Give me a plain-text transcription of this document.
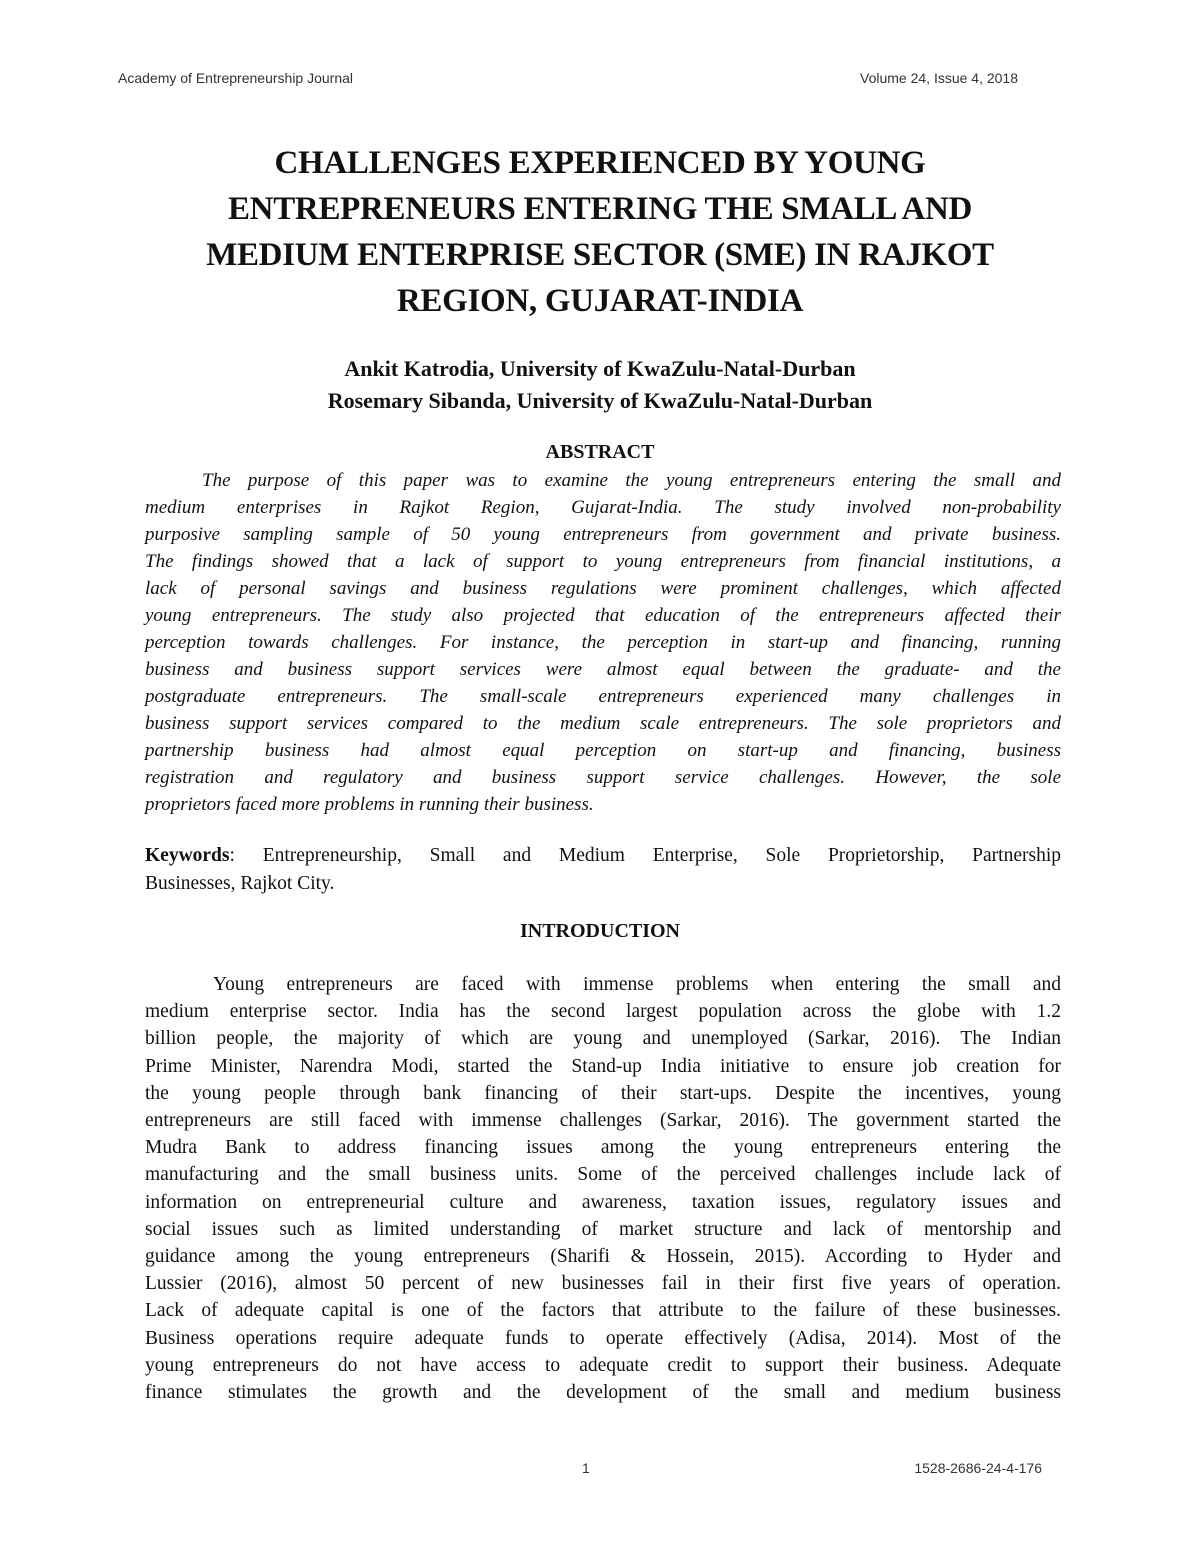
Academy of Entrepreneurship Journal	Volume 24, Issue 4, 2018
CHALLENGES EXPERIENCED BY YOUNG
ENTREPRENEURS ENTERING THE SMALL AND
MEDIUM ENTERPRISE SECTOR (SME) IN RAJKOT
REGION, GUJARAT-INDIA
Ankit Katrodia, University of KwaZulu-Natal-Durban
Rosemary Sibanda, University of KwaZulu-Natal-Durban
ABSTRACT
The purpose of this paper was to examine the young entrepreneurs entering the small and
medium enterprises in Rajkot Region, Gujarat-India. The study involved non-probability
purposive sampling sample of 50 young entrepreneurs from government and private business.
The findings showed that a lack of support to young entrepreneurs from financial institutions, a
lack of personal savings and business regulations were prominent challenges, which affected
young entrepreneurs. The study also projected that education of the entrepreneurs affected their
perception towards challenges. For instance, the perception in start-up and financing, running
business and business support services were almost equal between the graduate- and the
postgraduate entrepreneurs. The small-scale entrepreneurs experienced many challenges in
business support services compared to the medium scale entrepreneurs. The sole proprietors and
partnership business had almost equal perception on start-up and financing, business
registration and regulatory and business support service challenges. However, the sole
proprietors faced more problems in running their business.
Keywords: Entrepreneurship, Small and Medium Enterprise, Sole Proprietorship, Partnership
Businesses, Rajkot City.
INTRODUCTION
Young entrepreneurs are faced with immense problems when entering the small and
medium enterprise sector. India has the second largest population across the globe with 1.2
billion people, the majority of which are young and unemployed (Sarkar, 2016). The Indian
Prime Minister, Narendra Modi, started the Stand-up India initiative to ensure job creation for
the young people through bank financing of their start-ups. Despite the incentives, young
entrepreneurs are still faced with immense challenges (Sarkar, 2016). The government started the
Mudra Bank to address financing issues among the young entrepreneurs entering the
manufacturing and the small business units. Some of the perceived challenges include lack of
information on entrepreneurial culture and awareness, taxation issues, regulatory issues and
social issues such as limited understanding of market structure and lack of mentorship and
guidance among the young entrepreneurs (Sharifi & Hossein, 2015). According to Hyder and
Lussier (2016), almost 50 percent of new businesses fail in their first five years of operation.
Lack of adequate capital is one of the factors that attribute to the failure of these businesses.
Business operations require adequate funds to operate effectively (Adisa, 2014). Most of the
young entrepreneurs do not have access to adequate credit to support their business. Adequate
finance stimulates the growth and the development of the small and medium business
1	1528-2686-24-4-176
